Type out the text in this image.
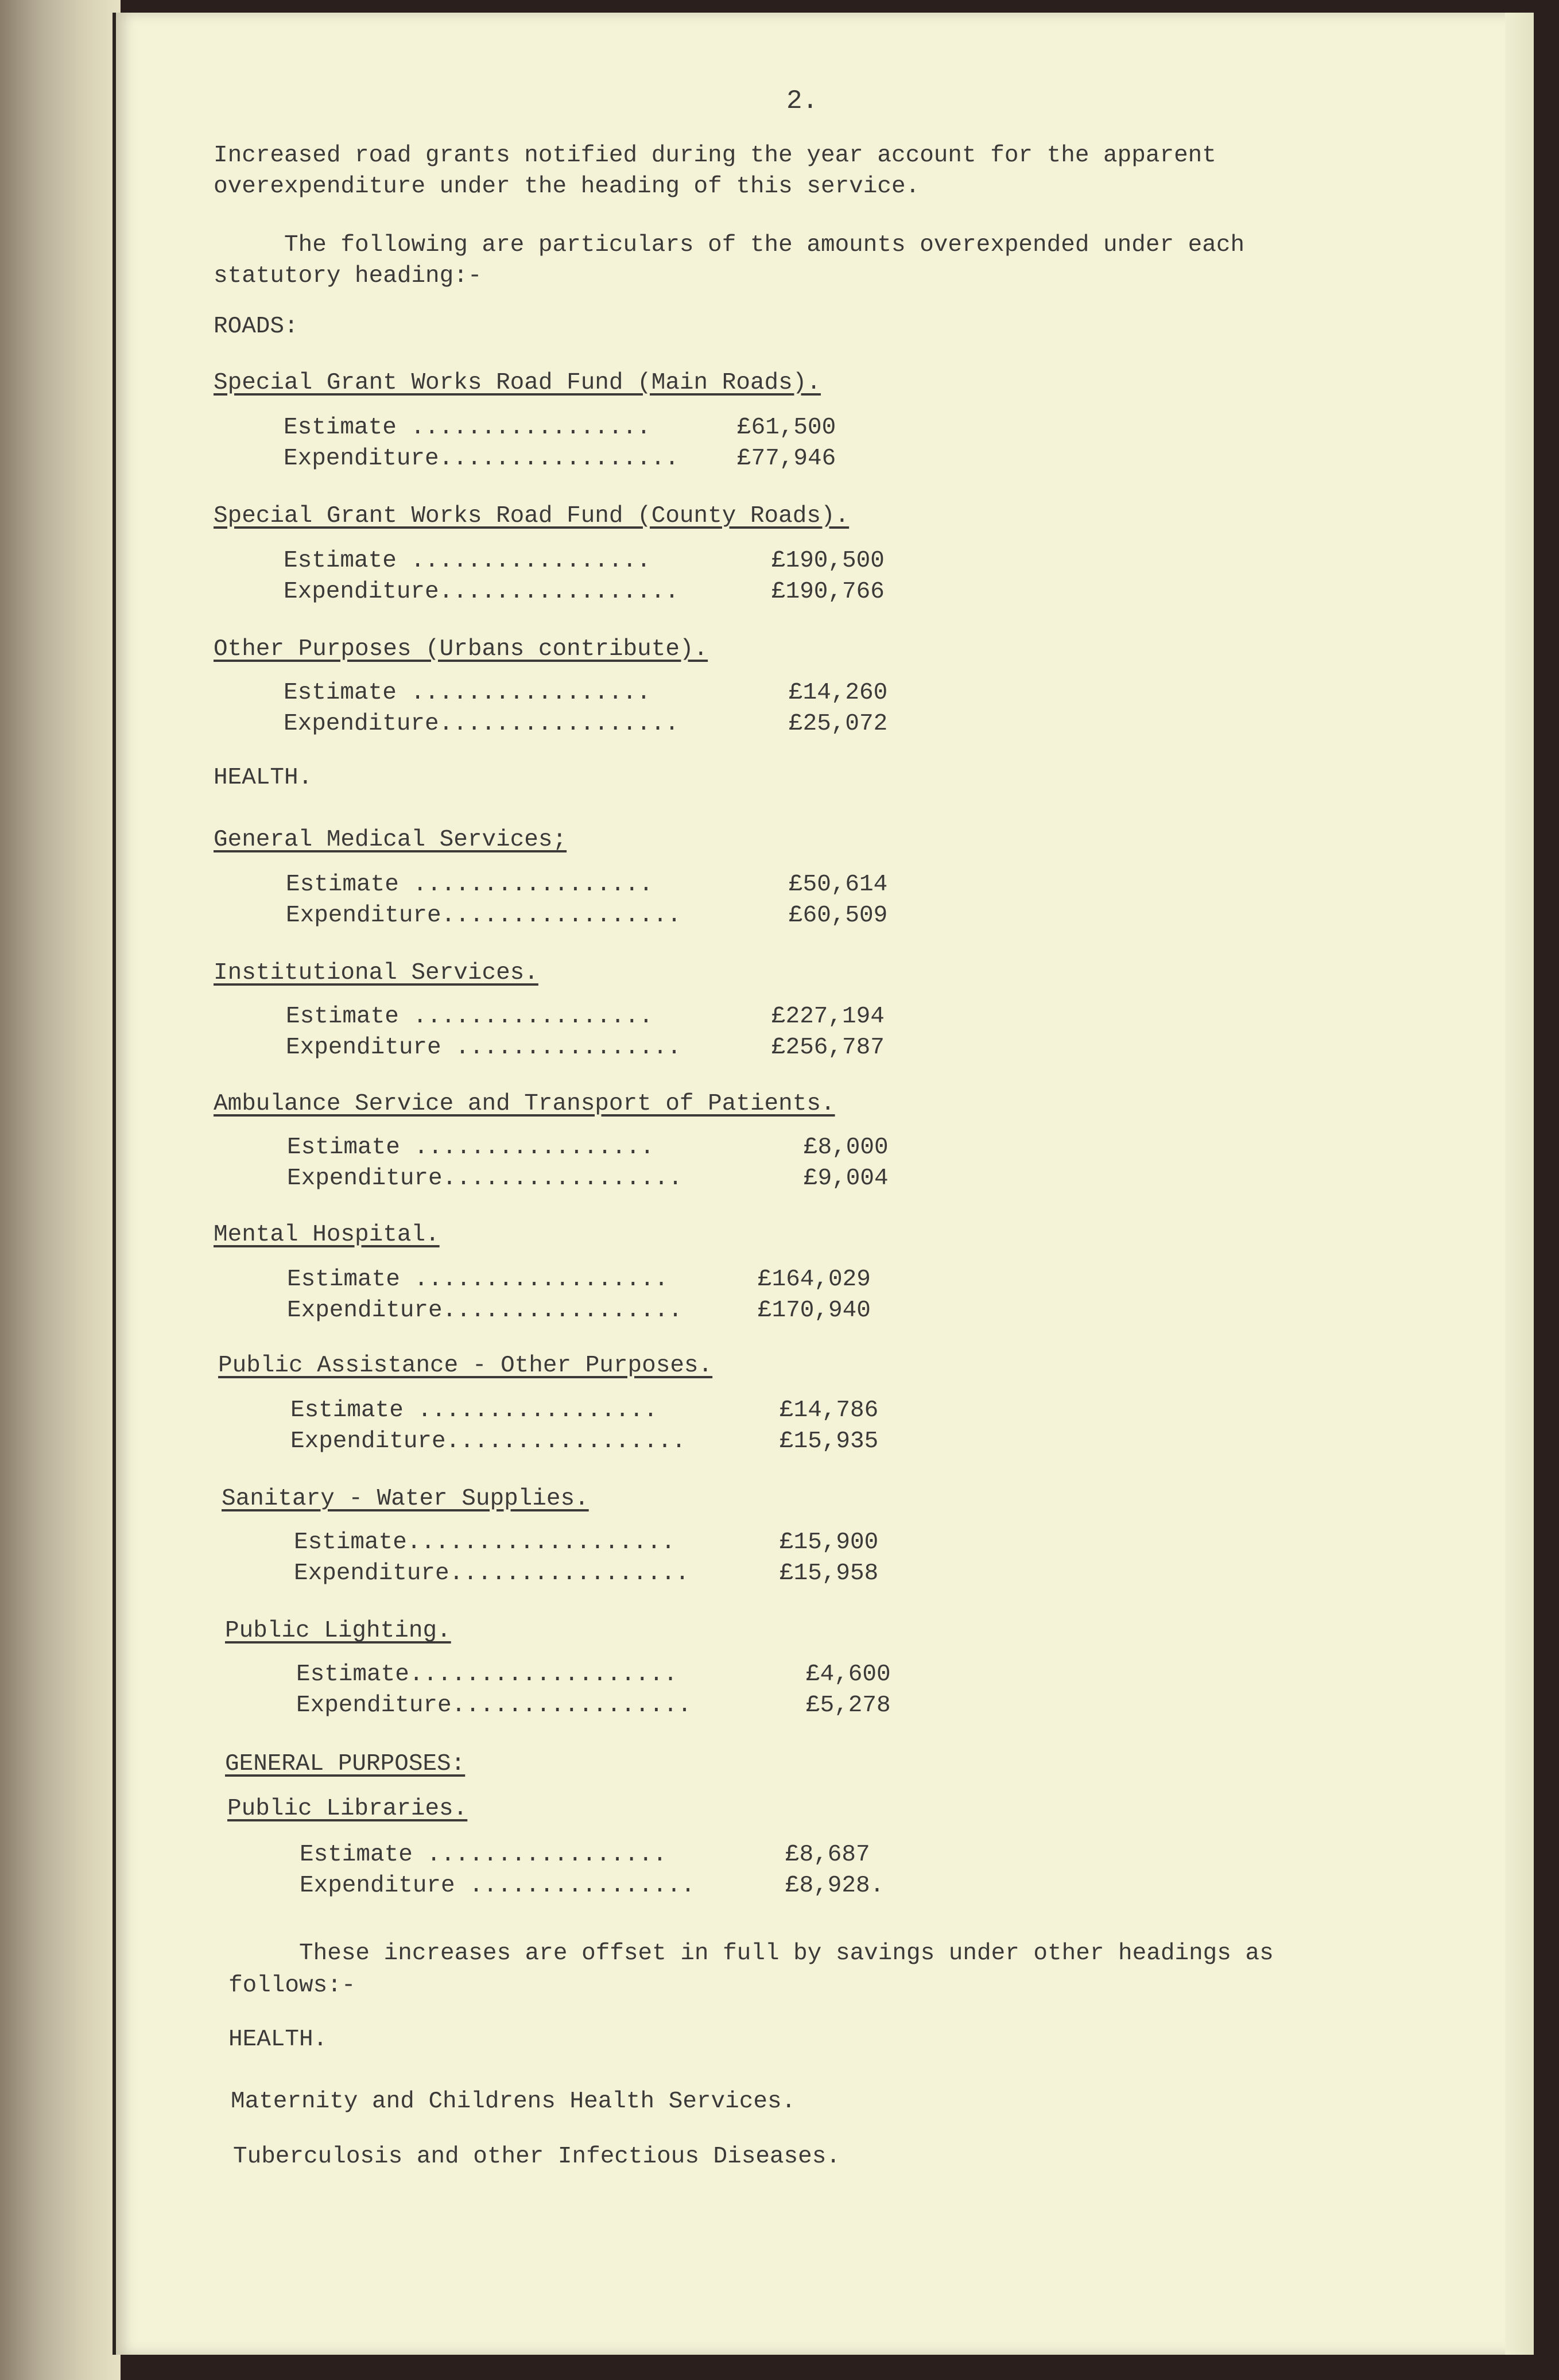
2.
Increased road grants notified during the year account for the apparent
overexpenditure under the heading of this service.
The following are particulars of the amounts overexpended under each
statutory heading:-
ROADS:
Special Grant Works Road Fund (Main Roads).
Estimate .................	£61,500
Expenditure.................	£77,946
Special Grant Works Road Fund (County Roads).
Estimate .................	£190,500
Expenditure.................	£190,766
Other Purposes (Urbans contribute).
Estimate .................	£14,260
Expenditure.................	£25,072
HEALTH.
General Medical Services;
Estimate .................	£50,614
Expenditure.................	£60,509
Institutional Services.
Estimate .................	£227,194
Expenditure ................	£256,787
Ambulance Service and Transport of Patients.
Estimate .................	£8,000
Expenditure.................	£9,004
Mental Hospital.
Estimate ..................	£164,029
Expenditure.................	£170,940
Public Assistance - Other Purposes.
Estimate .................	£14,786
Expenditure.................	£15,935
Sanitary - Water Supplies.
Estimate...................	£15,900
Expenditure.................	£15,958
Public Lighting.
Estimate...................	£4,600
Expenditure.................	£5,278
GENERAL PURPOSES:
Public Libraries.
Estimate .................	£8,687
Expenditure ................	£8,928.
These increases are offset in full by savings under other headings as
follows:-
HEALTH.
Maternity and Childrens Health Services.
Tuberculosis and other Infectious Diseases.
